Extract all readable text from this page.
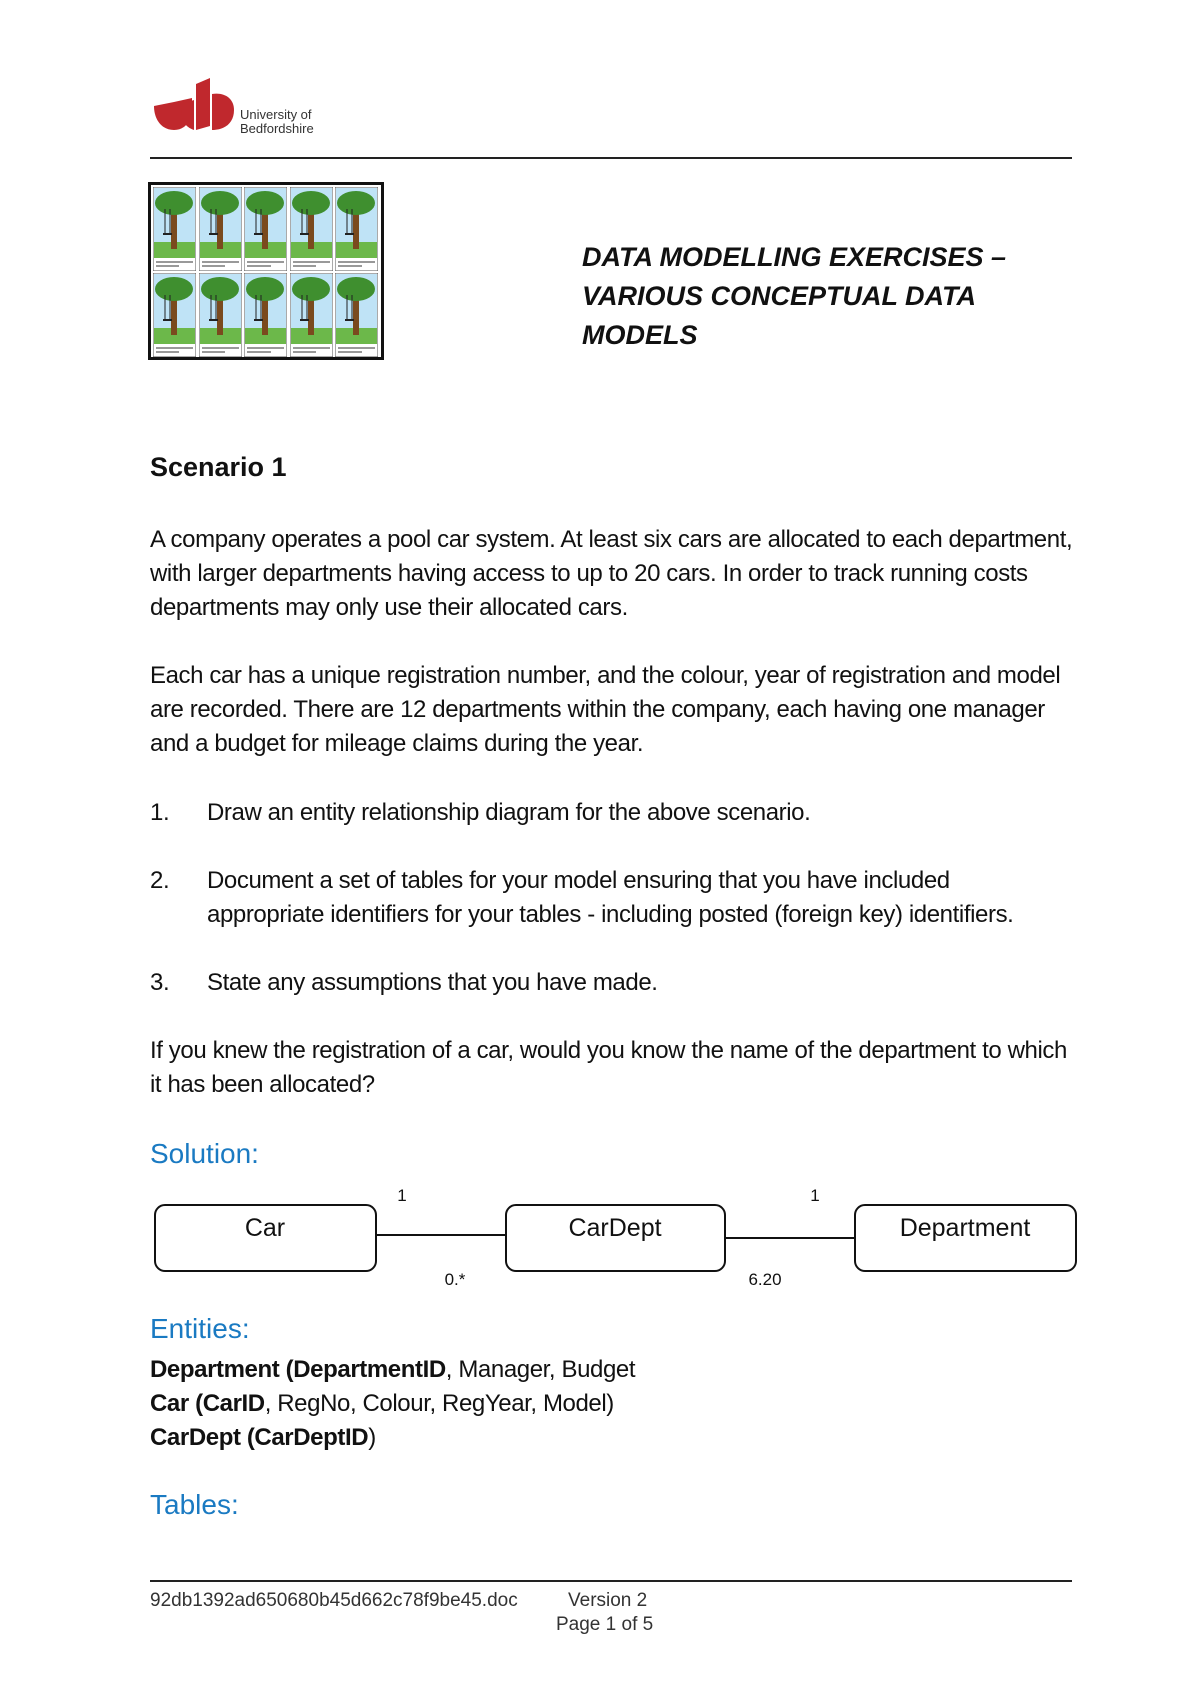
University of
Bedfordshire
DATA MODELLING EXERCISES –
VARIOUS CONCEPTUAL DATA
MODELS
Scenario 1
A company operates a pool car system. At least six cars are allocated to each department, with larger departments having access to up to 20 cars. In order to track running costs departments may only use their allocated cars.
Each car has a unique registration number, and the colour, year of registration and model are recorded. There are 12 departments within the company, each having one manager and a budget for mileage claims during the year.
1.	Draw an entity relationship diagram for the above scenario.
2.	Document a set of tables for your model ensuring that you have included appropriate identifiers for your tables - including posted (foreign key) identifiers.
3.	State any assumptions that you have made.
If you knew the registration of a car, would you know the name of the department to which it has been allocated?
Solution:
Car	CarDept	Department
1
0.*	6.20
1
Entities:
Department (DepartmentID, Manager, Budget
Car (CarID, RegNo, Colour, RegYear, Model)
CarDept (CarDeptID)
Tables:
92db1392ad650680b45d662c78f9be45.doc	Version 2
Page 1 of 5
